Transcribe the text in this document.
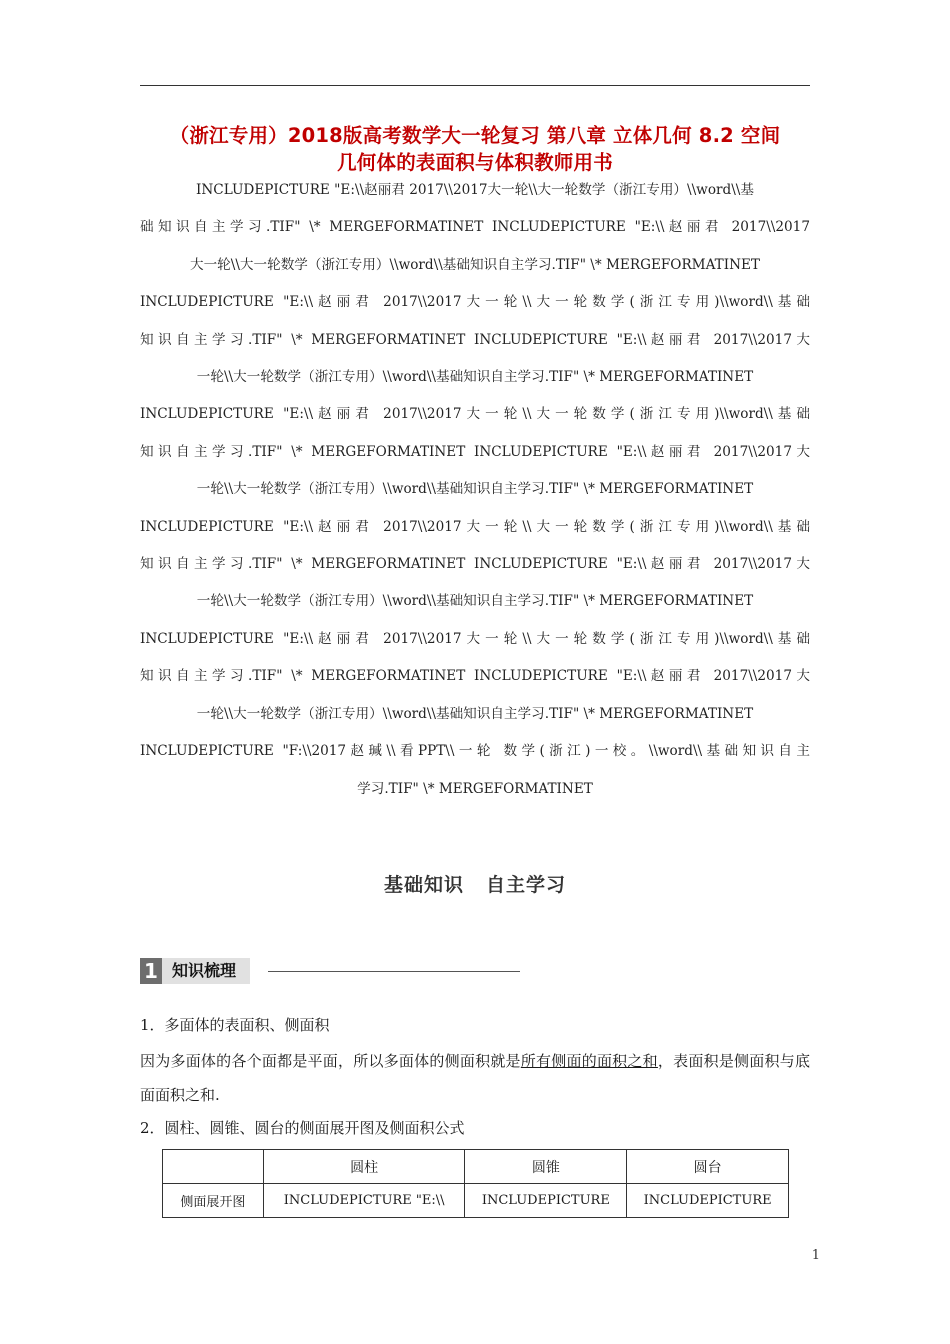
（浙江专用）2018版高考数学大一轮复习 第八章 立体几何 8.2 空间
几何体的表面积与体积教师用书
INCLUDEPICTURE "E:\\赵丽君 2017\\2017大一轮\\大一轮数学（浙江专用）\\word\\基
础知识自主学习.TIF" \* MERGEFORMATINET INCLUDEPICTURE "E:\\赵丽君 2017\\2017
大一轮\\大一轮数学（浙江专用）\\word\\基础知识自主学习.TIF" \* MERGEFORMATINET
INCLUDEPICTURE "E:\\赵丽君 2017\\2017大一轮\\大一轮数学(浙江专用)\\word\\基础
知识自主学习.TIF" \* MERGEFORMATINET INCLUDEPICTURE "E:\\赵丽君 2017\\2017大
一轮\\大一轮数学（浙江专用）\\word\\基础知识自主学习.TIF" \* MERGEFORMATINET
INCLUDEPICTURE "E:\\赵丽君 2017\\2017大一轮\\大一轮数学(浙江专用)\\word\\基础
知识自主学习.TIF" \* MERGEFORMATINET INCLUDEPICTURE "E:\\赵丽君 2017\\2017大
一轮\\大一轮数学（浙江专用）\\word\\基础知识自主学习.TIF" \* MERGEFORMATINET
INCLUDEPICTURE "E:\\赵丽君 2017\\2017大一轮\\大一轮数学(浙江专用)\\word\\基础
知识自主学习.TIF" \* MERGEFORMATINET INCLUDEPICTURE "E:\\赵丽君 2017\\2017大
一轮\\大一轮数学（浙江专用）\\word\\基础知识自主学习.TIF" \* MERGEFORMATINET
INCLUDEPICTURE "E:\\赵丽君 2017\\2017大一轮\\大一轮数学(浙江专用)\\word\\基础
知识自主学习.TIF" \* MERGEFORMATINET INCLUDEPICTURE "E:\\赵丽君 2017\\2017大
一轮\\大一轮数学（浙江专用）\\word\\基础知识自主学习.TIF" \* MERGEFORMATINET
INCLUDEPICTURE "F:\\2017赵瑊\\看PPT\\一轮 数学(浙江)一校。\\word\\基础知识自主
学习.TIF" \* MERGEFORMATINET
基础知识 自主学习
1 知识梳理
1．多面体的表面积、侧面积
因为多面体的各个面都是平面，所以多面体的侧面积就是所有侧面的面积之和，表面积是侧面积与底面面积之和.
2．圆柱、圆锥、圆台的侧面展开图及侧面积公式
	圆柱	圆锥	圆台
侧面展开图	INCLUDEPICTURE "E:\\	INCLUDEPICTURE	INCLUDEPICTURE
1
